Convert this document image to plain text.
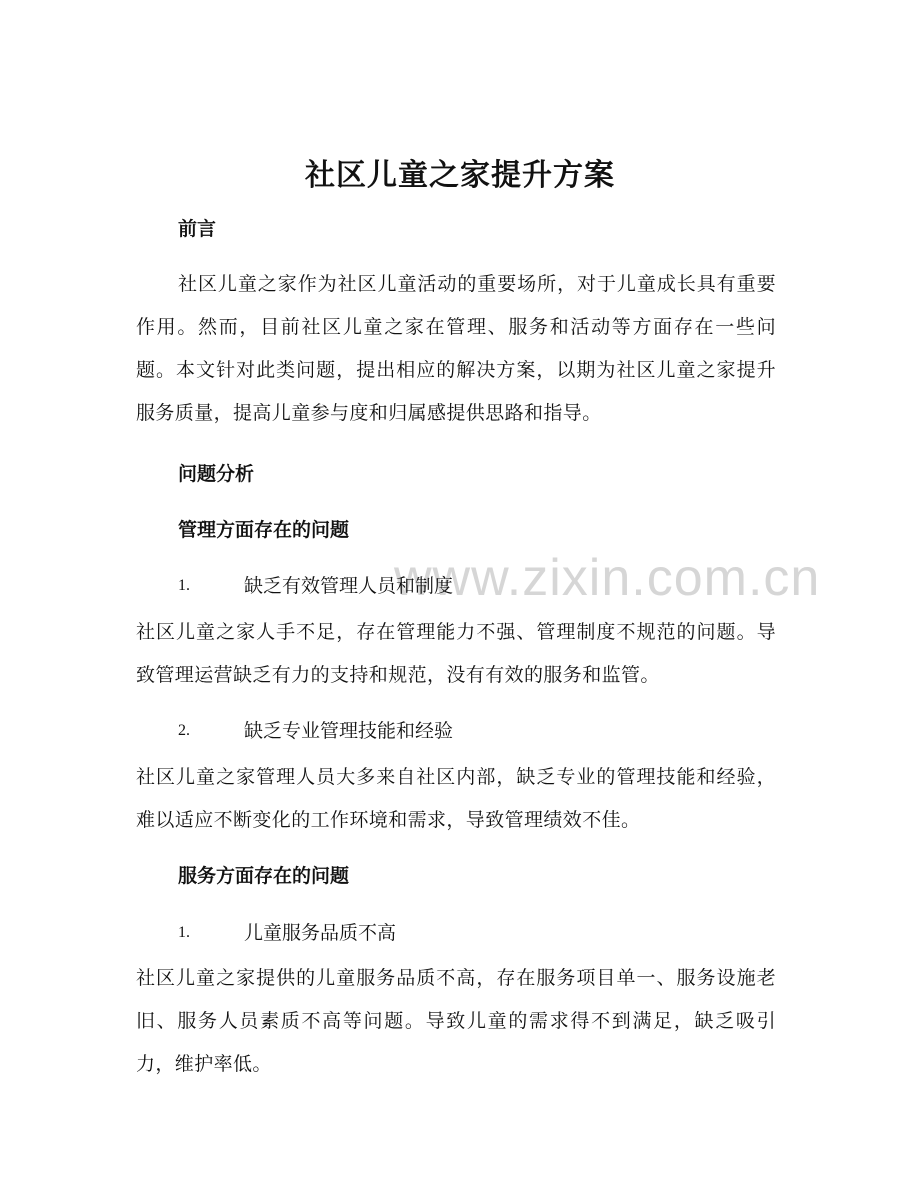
www.zixin.com.cn
社区儿童之家提升方案
前言
社区儿童之家作为社区儿童活动的重要场所，对于儿童成长具有重要作用。然而，目前社区儿童之家在管理、服务和活动等方面存在一些问题。本文针对此类问题，提出相应的解决方案，以期为社区儿童之家提升服务质量，提高儿童参与度和归属感提供思路和指导。
问题分析
管理方面存在的问题
1.	缺乏有效管理人员和制度
社区儿童之家人手不足，存在管理能力不强、管理制度不规范的问题。导致管理运营缺乏有力的支持和规范，没有有效的服务和监管。
2.	缺乏专业管理技能和经验
社区儿童之家管理人员大多来自社区内部，缺乏专业的管理技能和经验，难以适应不断变化的工作环境和需求，导致管理绩效不佳。
服务方面存在的问题
1.	儿童服务品质不高
社区儿童之家提供的儿童服务品质不高，存在服务项目单一、服务设施老旧、服务人员素质不高等问题。导致儿童的需求得不到满足，缺乏吸引力，维护率低。
